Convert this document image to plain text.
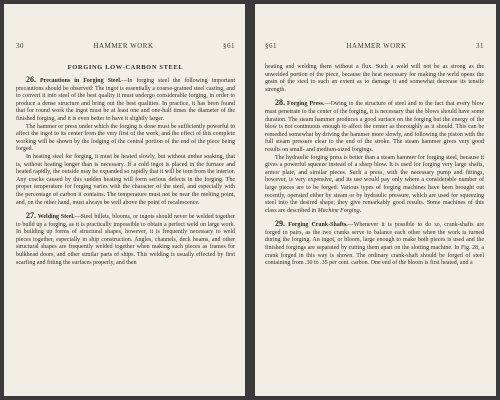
30	HAMMER WORK	§61
FORGING LOW-CARBON STEEL

26. Precautions in Forging Steel.—In forging steel the following important precautions should be observed: The ingot is essentially a coarse-grained steel casting, and to convert it into steel of the best quality it must undergo considerable forging, in order to produce a dense structure and bring out the best qualities. In practice, it has been found that for round work the ingot must be at least one and one-half times the diameter of the finished forging, and it is even better to have it slightly larger.

The hammer or press under which the forging is done must be sufficiently powerful to affect the ingot to its center from the very first of the work, and the effect of this complete working will be shown by the lodging of the central portion of the end of the piece being forged.

In heating steel for forging, it must be heated slowly, but without undue soaking, that is, without heating longer than is necessary. If a cold ingot is placed in the furnace and heated rapidly, the outside may be expanded so rapidly that it will be torn from the interior. Any cracks caused by this sudden heating will form serious defects in the forging. The proper temperature for forging varies with the character of the steel, and especially with the percentage of carbon it contains. The temperature must not be near the melting point, and, on the other hand, must always be well above the point of recalescence.

27. Welding Steel.—Steel billets, blooms, or ingots should never be welded together to build up a forging, as it is practically impossible to obtain a perfect weld on large work. In building up forms of structural shapes, however, it is frequently necessary to weld pieces together, especially in ship construction. Angles, channels, deck beams, and other structural shapes are frequently welded together when making such pieces as frames for bulkhead doors, and other similar parts of ships. This welding is usually effected by first scarfing and fitting the surfaces properly, and then

§61	HAMMER WORK	31

heating and welding them without a flux. Such a weld will not be as strong as the unwelded portion of the piece, because the heat necessary for making the weld opens the grain of the steel to such an extent as to damage it and somewhat decrease its tensile strength.

28. Forging Press.—Owing to the structure of steel and to the fact that every blow must penetrate to the center of the forging, it is necessary that the blows should have some duration. The steam hammer produces a good surface on the forging but the energy of the blow is not continuous enough to affect the center as thoroughly as it should. This can be remedied somewhat by driving the hammer more slowly, and following the piston with the full steam pressure clear to the end of the stroke. The steam hammer gives very good results on small- and medium-sized forgings.

The hydraulic forging press is better than a steam hammer for forging steel, because it gives a powerful squeeze instead of a sharp blow. It is used for forging very large shafts, armor plate, and similar pieces. Such a press, with the necessary pump and fittings, however, is very expensive, and its use would pay only where a considerable number of large pieces are to be forged. Various types of forging machines have been brought out recently, operated either by steam or by hydraulic pressure, which are used for squeezing steel into the desired shape; they give remarkably good results. Some machines of this class are described in Machine Forging.

29. Forging Crank-Shafts.—Whenever it is possible to do so, crank-shafts are forged in pairs, as the two cranks serve to balance each other when the work is turned during the forging. An ingot, or bloom, large enough to make both pieces is used and the finished forgings are separated by cutting them apart on the slotting machine. In Fig. 28, a crank forged in this way is shown. The ordinary crank-shaft should be forged of steel containing from .30 to .35 per cent. carbon. One end of the bloom is first heated, and a
